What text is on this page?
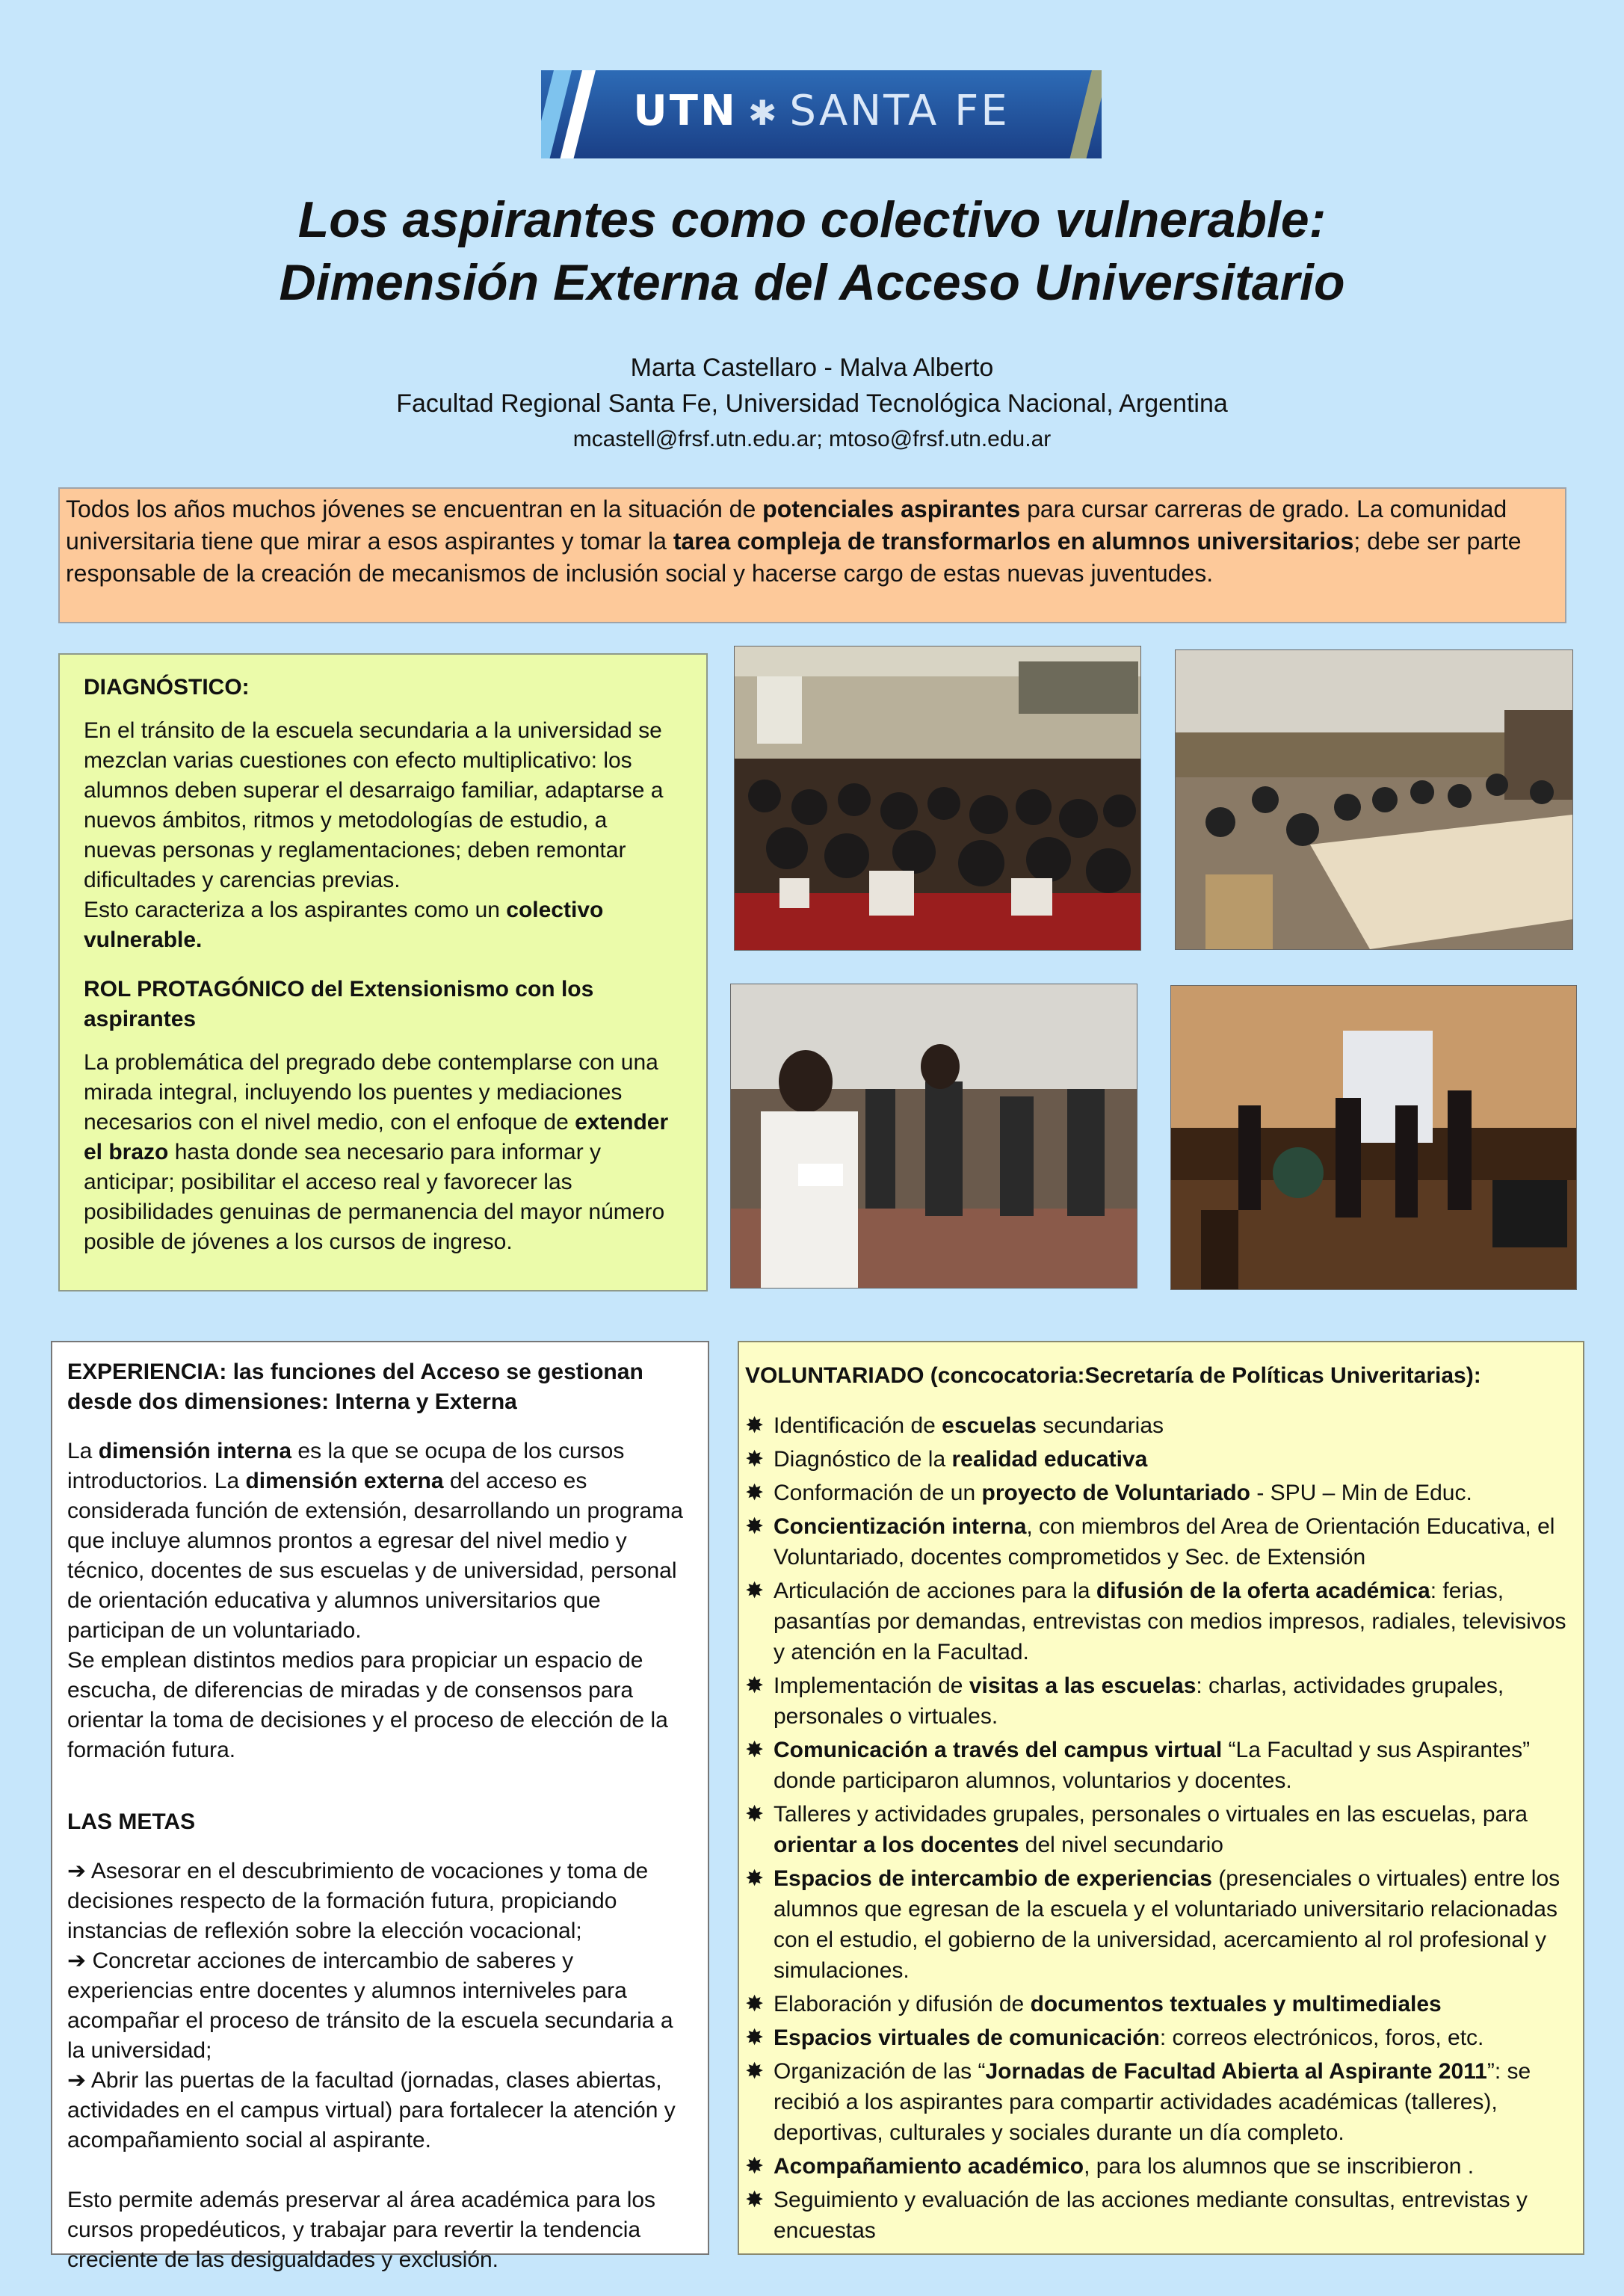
UTN ✱ SANTA FE
Los aspirantes como colectivo vulnerable:
Dimensión Externa del Acceso Universitario
Marta Castellaro - Malva Alberto
Facultad Regional Santa Fe, Universidad Tecnológica Nacional, Argentina
mcastell@frsf.utn.edu.ar; mtoso@frsf.utn.edu.ar
Todos los años muchos jóvenes se encuentran en la situación de potenciales aspirantes para cursar carreras de grado. La comunidad universitaria tiene que mirar a esos aspirantes y tomar la tarea compleja de transformarlos en alumnos universitarios; debe ser parte responsable de la creación de mecanismos de inclusión social y hacerse cargo de estas nuevas juventudes.
DIAGNÓSTICO:

En el tránsito de la escuela secundaria a la universidad se mezclan varias cuestiones con efecto multiplicativo: los alumnos deben superar el desarraigo familiar, adaptarse a nuevos ámbitos, ritmos y metodologías de estudio, a nuevas personas y reglamentaciones; deben remontar dificultades y carencias previas.
Esto caracteriza a los aspirantes como un colectivo vulnerable.

ROL PROTAGÓNICO del Extensionismo con los aspirantes

La problemática del pregrado debe contemplarse con una mirada integral, incluyendo los puentes y mediaciones necesarios con el nivel medio, con el enfoque de extender el brazo hasta donde sea necesario para informar y anticipar; posibilitar el acceso real y favorecer las posibilidades genuinas de permanencia del mayor número posible de jóvenes a los cursos de ingreso.

EXPERIENCIA: las funciones del Acceso se gestionan desde dos dimensiones: Interna y Externa

La dimensión interna es la que se ocupa de los cursos introductorios. La dimensión externa del acceso es considerada función de extensión, desarrollando un programa que incluye alumnos prontos a egresar del nivel medio y técnico, docentes de sus escuelas y de universidad, personal de orientación educativa y alumnos universitarios que participan de un voluntariado.
Se emplean distintos medios para propiciar un espacio de escucha, de diferencias de miradas y de consensos para orientar la toma de decisiones y el proceso de elección de la formación futura.

LAS METAS
➔ Asesorar en el descubrimiento de vocaciones y toma de decisiones respecto de la formación futura, propiciando instancias de reflexión sobre la elección vocacional;
➔ Concretar acciones de intercambio de saberes y experiencias entre docentes y alumnos interniveles para acompañar el proceso de tránsito de la escuela secundaria a la universidad;
➔ Abrir las puertas de la facultad (jornadas, clases abiertas, actividades en el campus virtual) para fortalecer la atención y acompañamiento social al aspirante.
Esto permite además preservar al área académica para los cursos propedéuticos, y trabajar para revertir la tendencia creciente de las desigualdades y exclusión.
VOLUNTARIADO (concocatoria:Secretaría de Políticas Univeritarias):
✸ Identificación de escuelas secundarias
✸ Diagnóstico de la realidad educativa
✸ Conformación de un proyecto de Voluntariado - SPU – Min de Educ.
✸ Concientización interna, con miembros del Area de Orientación Educativa, el Voluntariado, docentes comprometidos y Sec. de Extensión
✸ Articulación de acciones para la difusión de la oferta académica: ferias, pasantías por demandas, entrevistas con medios impresos, radiales, televisivos y atención en la Facultad.
✸ Implementación de visitas a las escuelas: charlas, actividades grupales, personales o virtuales.
✸ Comunicación a través del campus virtual “La Facultad y sus Aspirantes” donde participaron alumnos, voluntarios y docentes.
✸ Talleres y actividades grupales, personales o virtuales en las escuelas, para orientar a los docentes del nivel secundario
✸ Espacios de intercambio de experiencias (presenciales o virtuales) entre los alumnos que egresan de la escuela y el voluntariado universitario relacionadas con el estudio, el gobierno de la universidad, acercamiento al rol profesional y simulaciones.
✸ Elaboración y difusión de documentos textuales y multimediales
✸ Espacios virtuales de comunicación: correos electrónicos, foros, etc.
✸ Organización de las “Jornadas de Facultad Abierta al Aspirante 2011”: se recibió a los aspirantes para compartir actividades académicas (talleres), deportivas, culturales y sociales durante un día completo.
✸ Acompañamiento académico, para los alumnos que se inscribieron .
✸ Seguimiento y evaluación de las acciones mediante consultas, entrevistas y encuestas
